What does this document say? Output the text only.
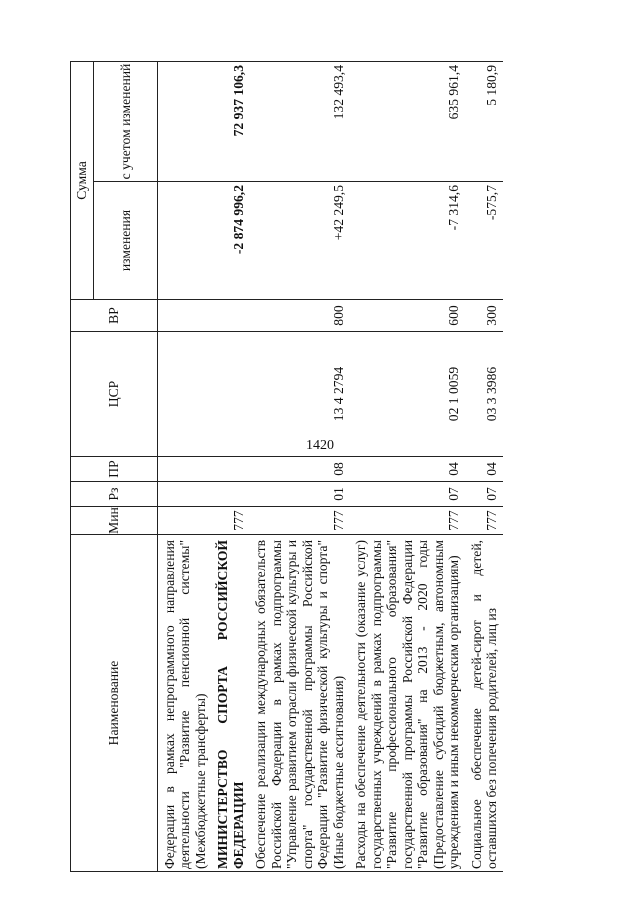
1420
Наименование	Мин	Рз	ПР	ЦСР	ВР	Сумма	
						изменения	с учетом изменений
Федерации в рамках непрограммного направления деятельности "Развитие пенсионной системы" (Межбюджетные трансферты)							
МИНИСТЕРСТВО СПОРТА РОССИЙСКОЙ ФЕДЕРАЦИИ	777					-2 874 996,2	72 937 106,3
Обеспечение реализации международных обязательств Российской Федерации в рамках подпрограммы "Управление развитием отрасли физической культуры и спорта" государственной программы Российской Федерации "Развитие физической культуры и спорта" (Иные бюджетные ассигнования)	777	01	08	13 4 2794	800	+42 249,5	132 493,4
Расходы на обеспечение деятельности (оказание услуг) государственных учреждений в рамках подпрограммы "Развитие профессионального образования" государственной программы Российской Федерации "Развитие образования" на 2013 - 2020 годы (Предоставление субсидий бюджетным, автономным учреждениям и иным некоммерческим организациям)	777	07	04	02 1 0059	600	-7 314,6	635 961,4
Социальное обеспечение детей-сирот и детей, оставшихся без попечения родителей, лиц из	777	07	04	03 3 3986	300	-575,7	5 180,9
